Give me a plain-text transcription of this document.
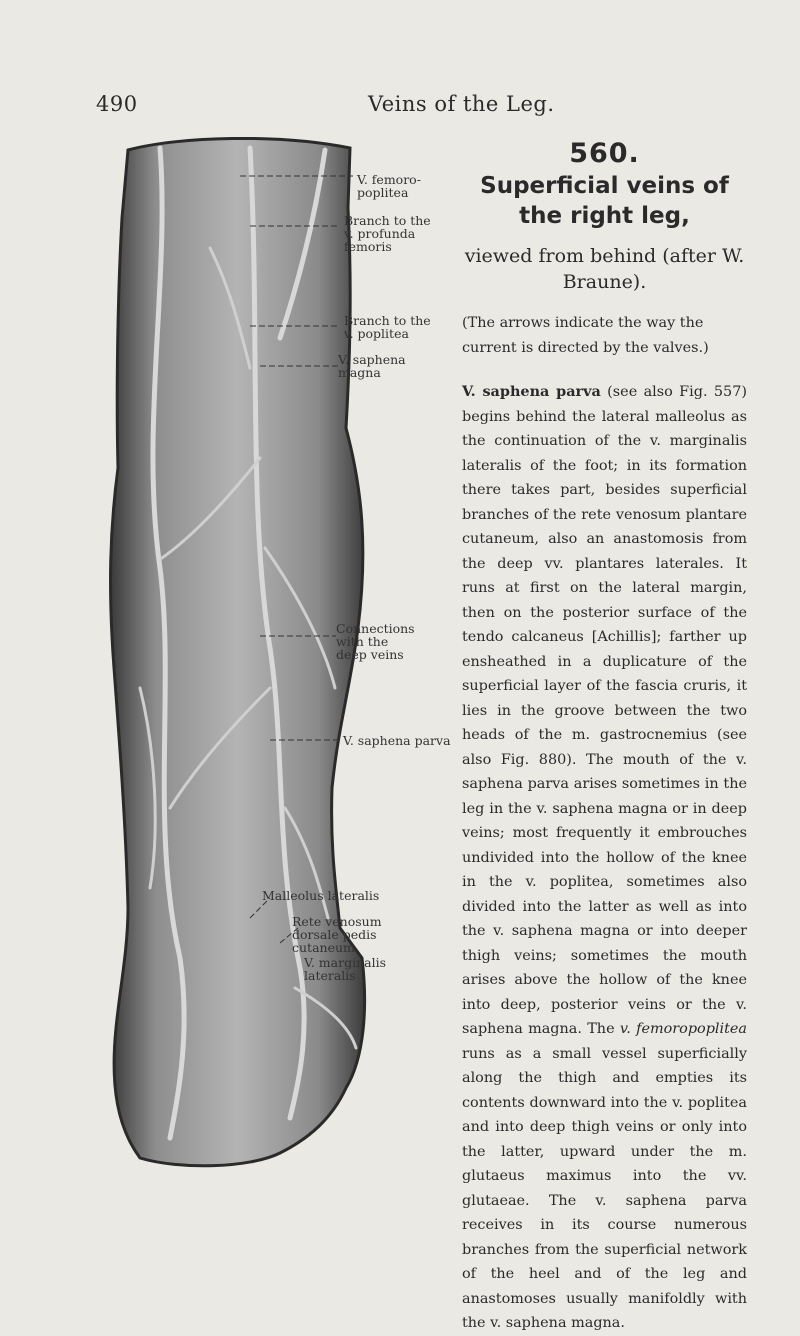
490	Veins of the Leg.
V. femoro-
poplitea
Branch to the
v. profunda
femoris
Branch to the
v. poplitea
V. saphena
magna
Connections
with the
deep veins
V. saphena parva
Malleolus lateralis
Rete venosum
dorsale pedis
cutaneum
V. marginalis
lateralis
560.
Superficial veins of the right leg,

viewed from behind (after W. Braune).

(The arrows indicate the way the current is directed by the valves.)

V. saphena parva (see also Fig. 557) begins behind the lateral malleolus as the continuation of the v. marginalis lateralis of the foot; in its formation there takes part, besides superficial branches of the rete venosum plantare cutaneum, also an anastomosis from the deep vv. plantares laterales. It runs at first on the lateral margin, then on the posterior surface of the tendo calcaneus [Achillis]; farther up ensheathed in a duplicature of the superficial layer of the fascia cruris, it lies in the groove between the two heads of the m. gastrocnemius (see also Fig. 880). The mouth of the v. saphena parva arises sometimes in the leg in the v. saphena magna or in deep veins; most frequently it embrouches undivided into the hollow of the knee in the v. poplitea, sometimes also divided into the latter as well as into the v. saphena magna or into deeper thigh veins; sometimes the mouth arises above the hollow of the knee into deep, posterior veins or the v. saphena magna. The v. femoropoplitea runs as a small vessel superficially along the thigh and empties its contents downward into the v. poplitea and into deep thigh veins or only into the latter, upward under the m. glutaeus maximus into the vv. glutaeae. The v. saphena parva receives in its course numerous branches from the superficial network of the heel and of the leg and anastomoses usually manifoldly with the v. saphena magna.
